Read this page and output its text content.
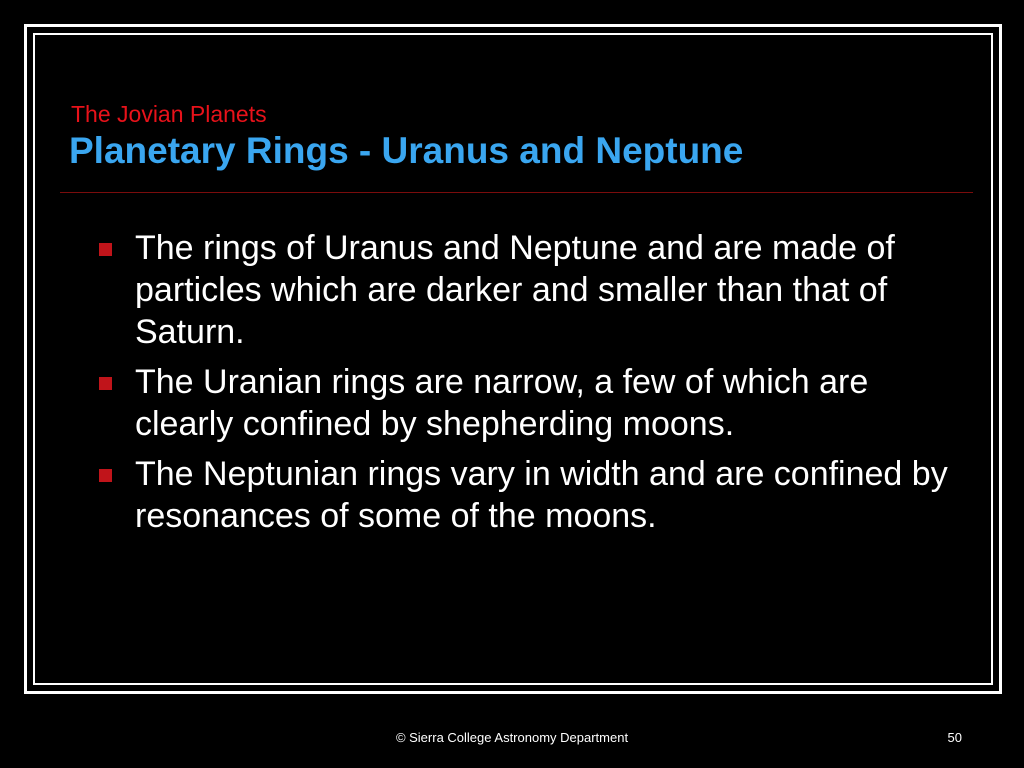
The Jovian Planets
Planetary Rings - Uranus and Neptune
The rings of Uranus and Neptune and are made of particles which are darker and smaller than that of Saturn.
The Uranian rings are narrow, a few of which are clearly confined by shepherding moons.
The Neptunian rings vary in width and are confined by resonances of some of the moons.
© Sierra College Astronomy Department	50
